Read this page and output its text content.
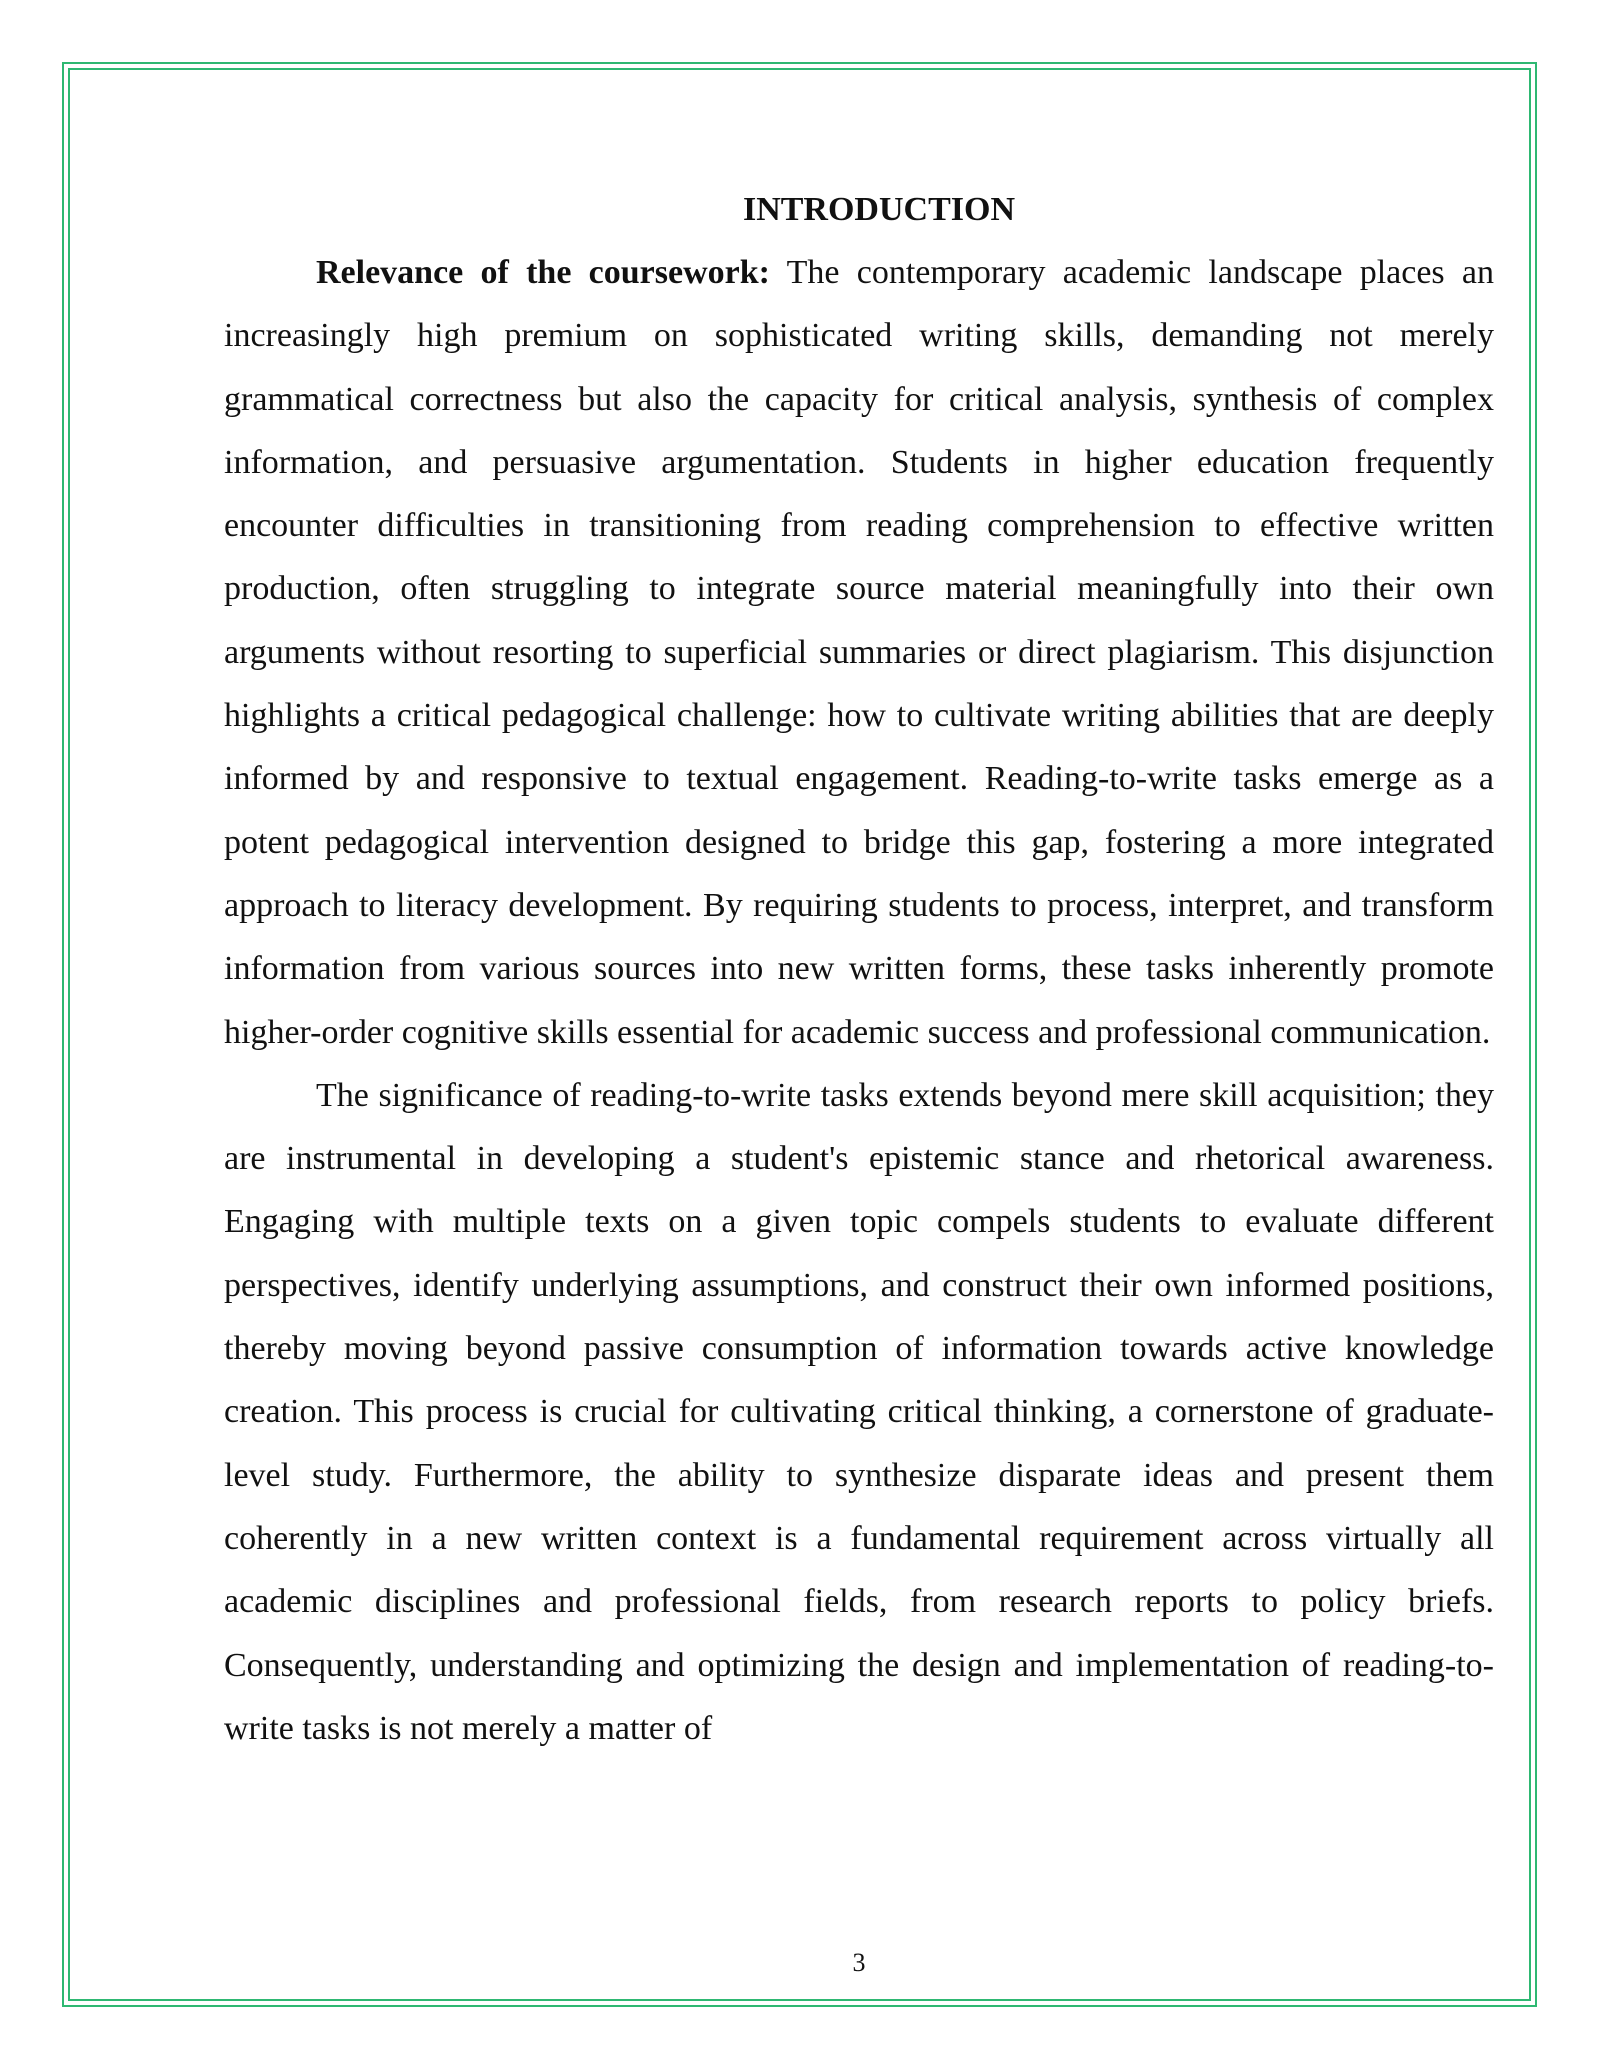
INTRODUCTION

Relevance of the coursework: The contemporary academic landscape places an increasingly high premium on sophisticated writing skills, demanding not merely grammatical correctness but also the capacity for critical analysis, synthesis of complex information, and persuasive argumentation. Students in higher education frequently encounter difficulties in transitioning from reading comprehension to effective written production, often struggling to integrate source material meaningfully into their own arguments without resorting to superficial summaries or direct plagiarism. This disjunction highlights a critical pedagogical challenge: how to cultivate writing abilities that are deeply informed by and responsive to textual engagement. Reading-to-write tasks emerge as a potent pedagogical intervention designed to bridge this gap, fostering a more integrated approach to literacy development. By requiring students to process, interpret, and transform information from various sources into new written forms, these tasks inherently promote higher-order cognitive skills essential for academic success and professional communication.

The significance of reading-to-write tasks extends beyond mere skill acquisition; they are instrumental in developing a student's epistemic stance and rhetorical awareness. Engaging with multiple texts on a given topic compels students to evaluate different perspectives, identify underlying assumptions, and construct their own informed positions, thereby moving beyond passive consumption of information towards active knowledge creation. This process is crucial for cultivating critical thinking, a cornerstone of graduate-level study. Furthermore, the ability to synthesize disparate ideas and present them coherently in a new written context is a fundamental requirement across virtually all academic disciplines and professional fields, from research reports to policy briefs. Consequently, understanding and optimizing the design and implementation of reading-to-write tasks is not merely a matter of

3
